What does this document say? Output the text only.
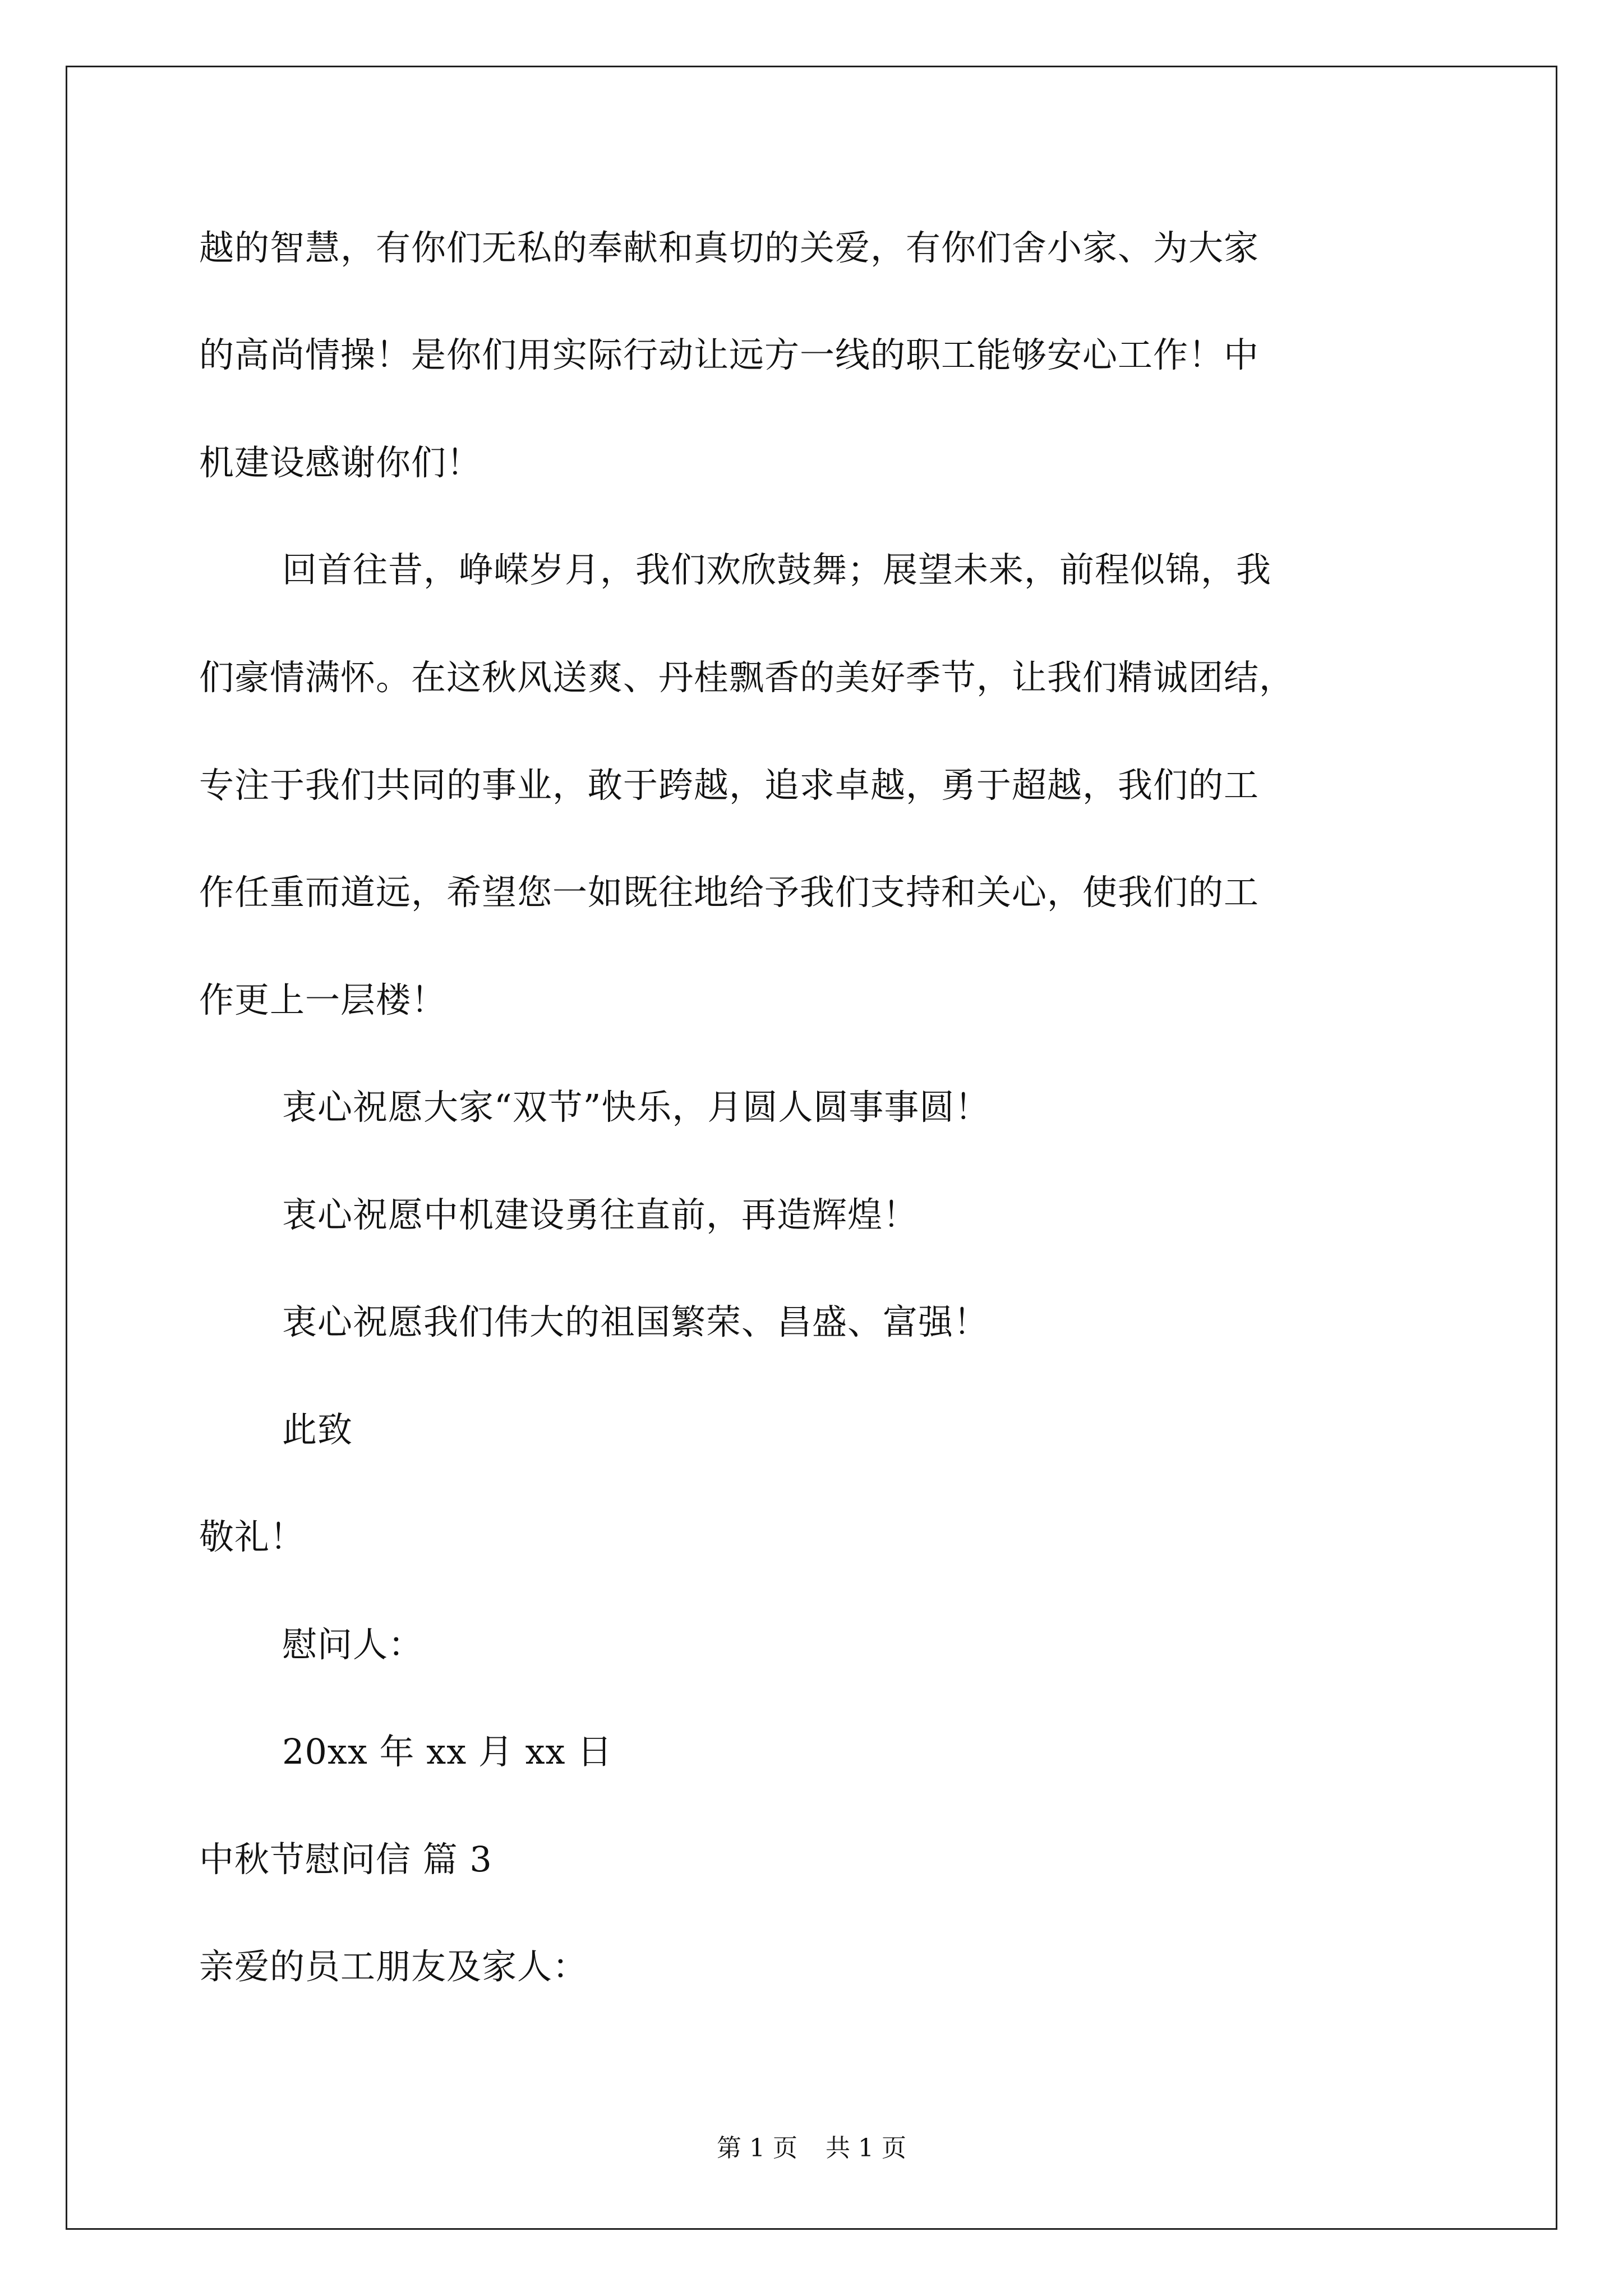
越的智慧，有你们无私的奉献和真切的关爱，有你们舍小家、为大家
的高尚情操！是你们用实际行动让远方一线的职工能够安心工作！中
机建设感谢你们！
回首往昔，峥嵘岁月，我们欢欣鼓舞；展望未来，前程似锦，我
们豪情满怀。在这秋风送爽、丹桂飘香的美好季节，让我们精诚团结，
专注于我们共同的事业，敢于跨越，追求卓越，勇于超越，我们的工
作任重而道远，希望您一如既往地给予我们支持和关心，使我们的工
作更上一层楼！
衷心祝愿大家“双节”快乐，月圆人圆事事圆！
衷心祝愿中机建设勇往直前，再造辉煌！
衷心祝愿我们伟大的祖国繁荣、昌盛、富强！
此致
敬礼！
慰问人：
20xx 年 xx 月 xx 日
中秋节慰问信 篇 3
亲爱的员工朋友及家人：
第 1 页 共 1 页
